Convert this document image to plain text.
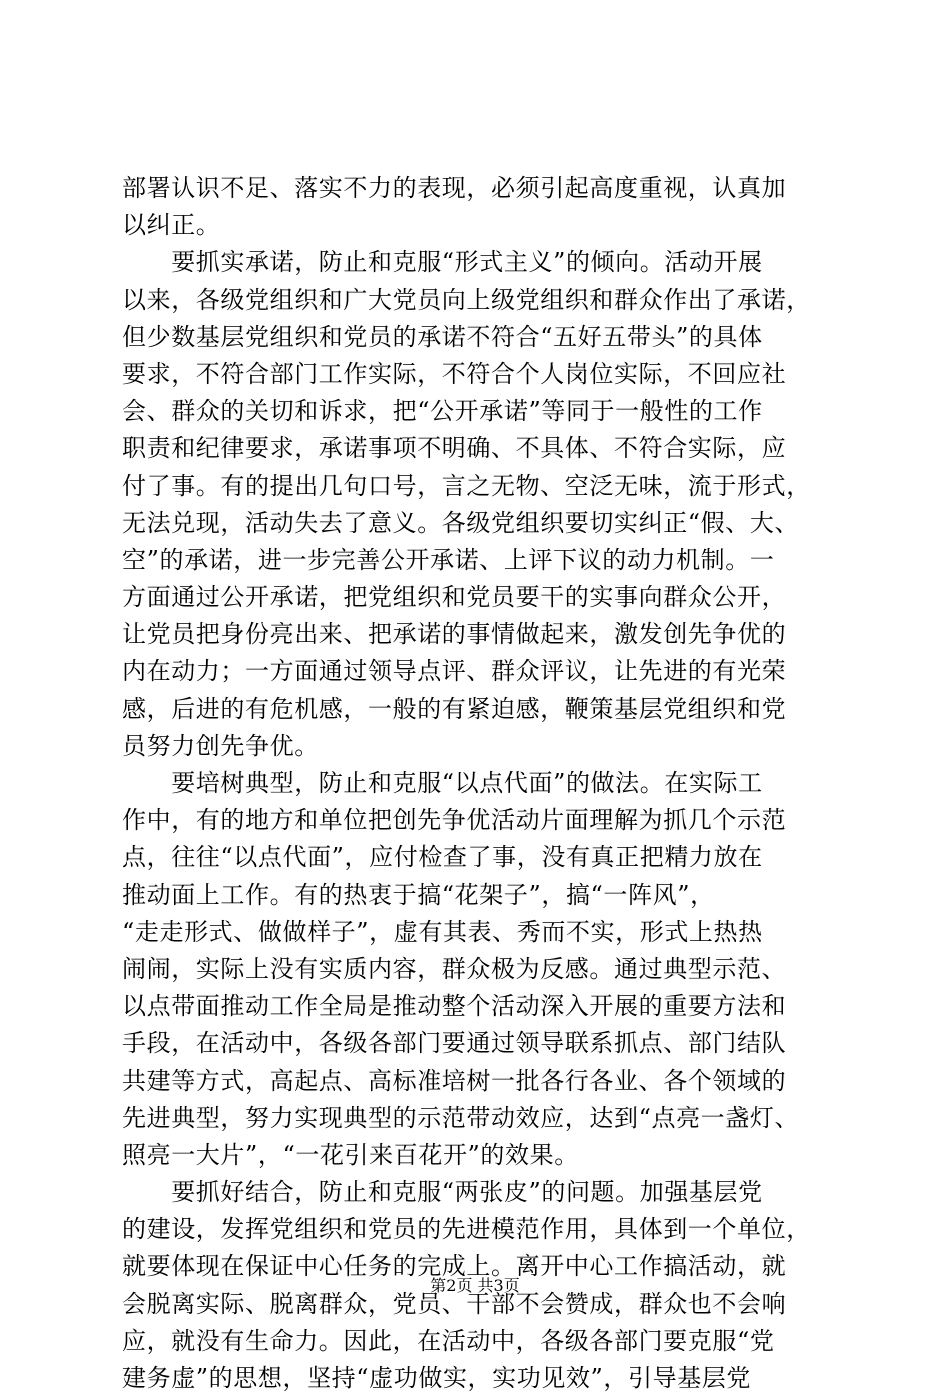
部署认识不足、落实不力的表现，必须引起高度重视，认真加
以纠正。
　　要抓实承诺，防止和克服“形式主义”的倾向。活动开展
以来，各级党组织和广大党员向上级党组织和群众作出了承诺，
但少数基层党组织和党员的承诺不符合“五好五带头”的具体
要求，不符合部门工作实际，不符合个人岗位实际，不回应社
会、群众的关切和诉求，把“公开承诺”等同于一般性的工作
职责和纪律要求，承诺事项不明确、不具体、不符合实际，应
付了事。有的提出几句口号，言之无物、空泛无味，流于形式，
无法兑现，活动失去了意义。各级党组织要切实纠正“假、大、
空”的承诺，进一步完善公开承诺、上评下议的动力机制。一
方面通过公开承诺，把党组织和党员要干的实事向群众公开，
让党员把身份亮出来、把承诺的事情做起来，激发创先争优的
内在动力；一方面通过领导点评、群众评议，让先进的有光荣
感，后进的有危机感，一般的有紧迫感，鞭策基层党组织和党
员努力创先争优。
　　要培树典型，防止和克服“以点代面”的做法。在实际工
作中，有的地方和单位把创先争优活动片面理解为抓几个示范
点，往往“以点代面”，应付检查了事，没有真正把精力放在
推动面上工作。有的热衷于搞“花架子”，搞“一阵风”，
“走走形式、做做样子”，虚有其表、秀而不实，形式上热热
闹闹，实际上没有实质内容，群众极为反感。通过典型示范、
以点带面推动工作全局是推动整个活动深入开展的重要方法和
手段，在活动中，各级各部门要通过领导联系抓点、部门结队
共建等方式，高起点、高标准培树一批各行各业、各个领域的
先进典型，努力实现典型的示范带动效应，达到“点亮一盏灯、
照亮一大片”，“一花引来百花开”的效果。
　　要抓好结合，防止和克服“两张皮”的问题。加强基层党
的建设，发挥党组织和党员的先进模范作用，具体到一个单位，
就要体现在保证中心任务的完成上。离开中心工作搞活动，就
会脱离实际、脱离群众，党员、干部不会赞成，群众也不会响
应，就没有生命力。因此，在活动中，各级各部门要克服“党
建务虚”的思想，坚持“虚功做实，实功见效”，引导基层党
第2页 共3页
